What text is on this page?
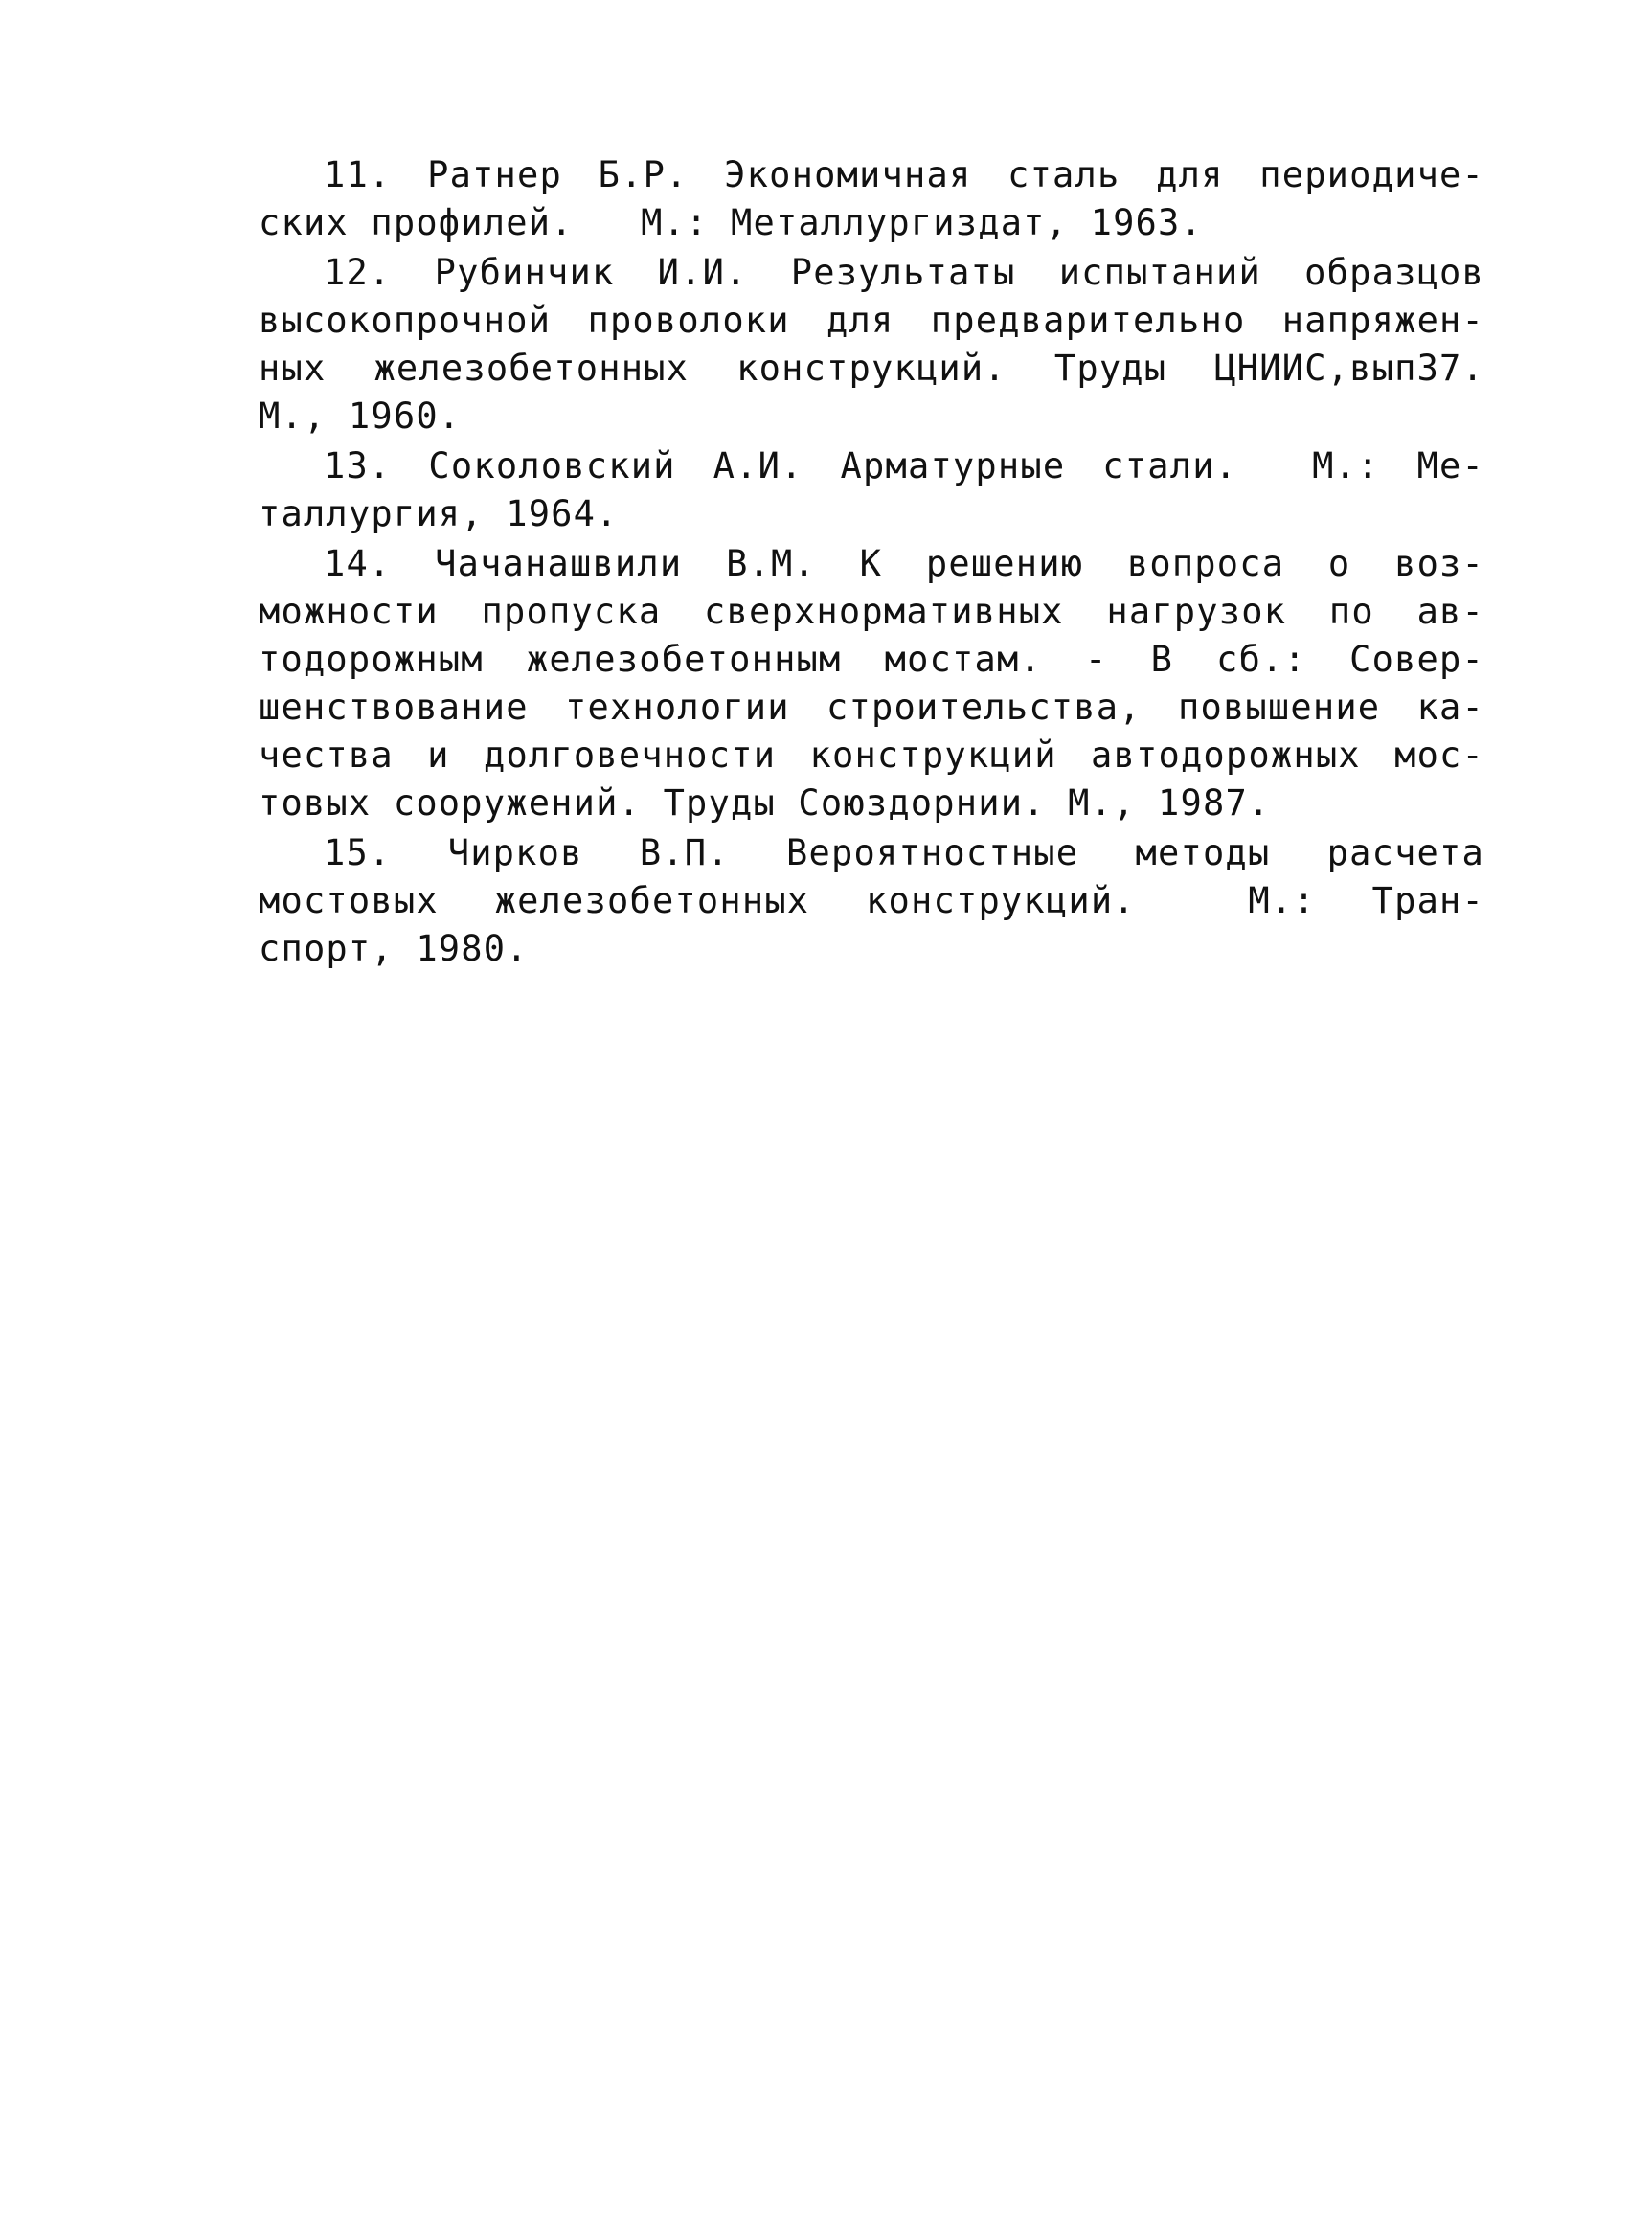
11. Ратнер Б.Р. Экономичная сталь для периодиче-
ских профилей.   М.: Металлургиздат, 1963.
12. Рубинчик И.И. Результаты испытаний образцов
высокопрочной проволоки для предварительно напряжен-
ных железобетонных конструкций. Труды ЦНИИС,вып37.
М., 1960.
13. Соколовский А.И. Арматурные стали.  М.: Ме-
таллургия, 1964.
14. Чачанашвили В.М. К решению вопроса о воз-
можности пропуска сверхнормативных нагрузок по ав-
тодорожным железобетонным мостам. - В сб.: Совер-
шенствование технологии строительства, повышение ка-
чества и долговечности конструкций автодорожных мос-
товых сооружений. Труды Союздорнии. М., 1987.
15. Чирков В.П. Вероятностные методы расчета
мостовых железобетонных конструкций.  М.: Тран-
спорт, 1980.
